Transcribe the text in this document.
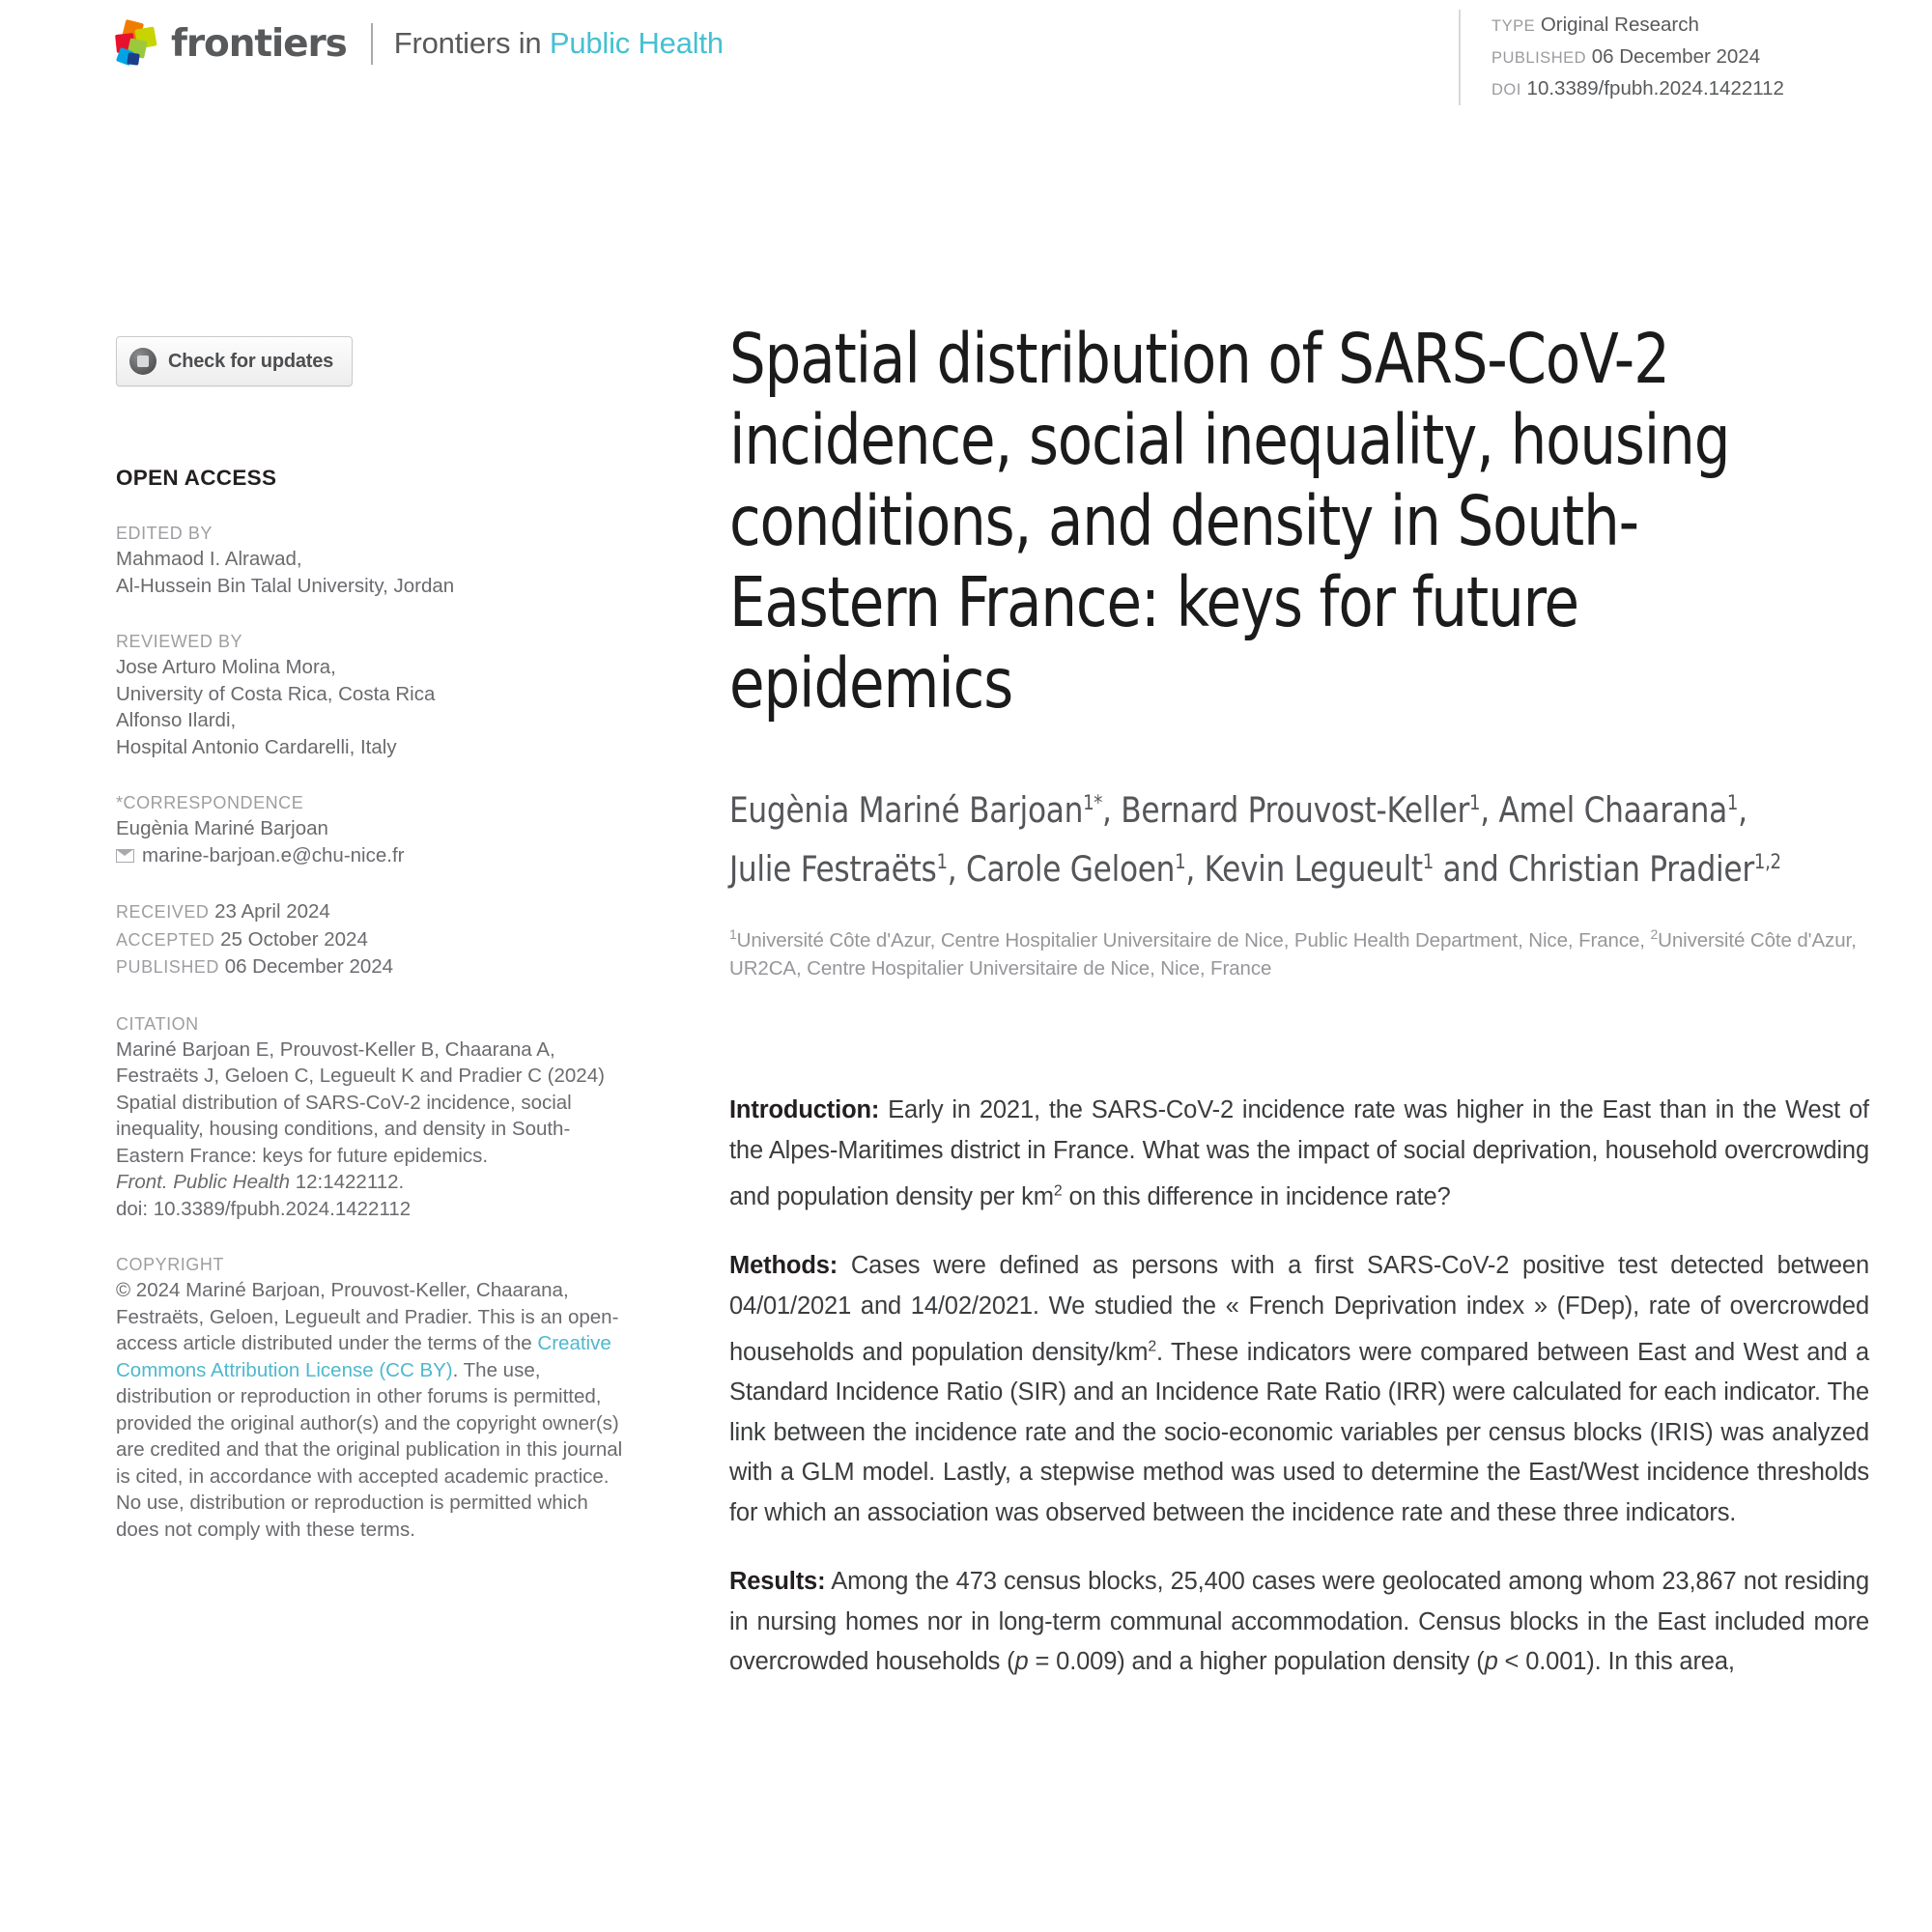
frontiers Frontiers in Public Health	TYPE Original Research
PUBLISHED 06 December 2024
DOI 10.3389/fpubh.2024.1422112
Check for updates
OPEN ACCESS
EDITED BY
Mahmaod I. Alrawad,
Al-Hussein Bin Talal University, Jordan
REVIEWED BY
Jose Arturo Molina Mora,
University of Costa Rica, Costa Rica
Alfonso Ilardi,
Hospital Antonio Cardarelli, Italy
*CORRESPONDENCE
Eugènia Mariné Barjoan
marine-barjoan.e@chu-nice.fr
RECEIVED 23 April 2024
ACCEPTED 25 October 2024
PUBLISHED 06 December 2024
CITATION
Mariné Barjoan E, Prouvost-Keller B, Chaarana A, Festraëts J, Geloen C, Legueult K and Pradier C (2024) Spatial distribution of SARS-CoV-2 incidence, social inequality, housing conditions, and density in South-Eastern France: keys for future epidemics.
Front. Public Health 12:1422112.
doi: 10.3389/fpubh.2024.1422112
COPYRIGHT
© 2024 Mariné Barjoan, Prouvost-Keller, Chaarana, Festraëts, Geloen, Legueult and Pradier. This is an open-access article distributed under the terms of the Creative Commons Attribution License (CC BY). The use, distribution or reproduction in other forums is permitted, provided the original author(s) and the copyright owner(s) are credited and that the original publication in this journal is cited, in accordance with accepted academic practice. No use, distribution or reproduction is permitted which does not comply with these terms.
Spatial distribution of SARS-CoV-2 incidence, social inequality, housing conditions, and density in South-Eastern France: keys for future epidemics
Eugènia Mariné Barjoan$^{1*}$, Bernard Prouvost-Keller$^1$, Amel Chaarana$^1$, Julie Festraëts$^1$, Carole Geloen$^1$, Kevin Legueult$^1$ and Christian Pradier$^{1,2}$
$^1$Université Côte d'Azur, Centre Hospitalier Universitaire de Nice, Public Health Department, Nice, France, $^2$Université Côte d'Azur, UR2CA, Centre Hospitalier Universitaire de Nice, Nice, France

Introduction: Early in 2021, the SARS-CoV-2 incidence rate was higher in the East than in the West of the Alpes-Maritimes district in France. What was the impact of social deprivation, household overcrowding and population density per $km^2$ on this difference in incidence rate?

Methods: Cases were defined as persons with a first SARS-CoV-2 positive test detected between 04/01/2021 and 14/02/2021. We studied the « French Deprivation index » (FDep), rate of overcrowded households and population density/$km^2$. These indicators were compared between East and West and a Standard Incidence Ratio (SIR) and an Incidence Rate Ratio (IRR) were calculated for each indicator. The link between the incidence rate and the socio-economic variables per census blocks (IRIS) was analyzed with a GLM model. Lastly, a stepwise method was used to determine the East/West incidence thresholds for which an association was observed between the incidence rate and these three indicators.

Results: Among the 473 census blocks, 25,400 cases were geolocated among whom 23,867 not residing in nursing homes nor in long-term communal accommodation. Census blocks in the East included more overcrowded households (p = 0.009) and a higher population density (p < 0.001). In this area,
